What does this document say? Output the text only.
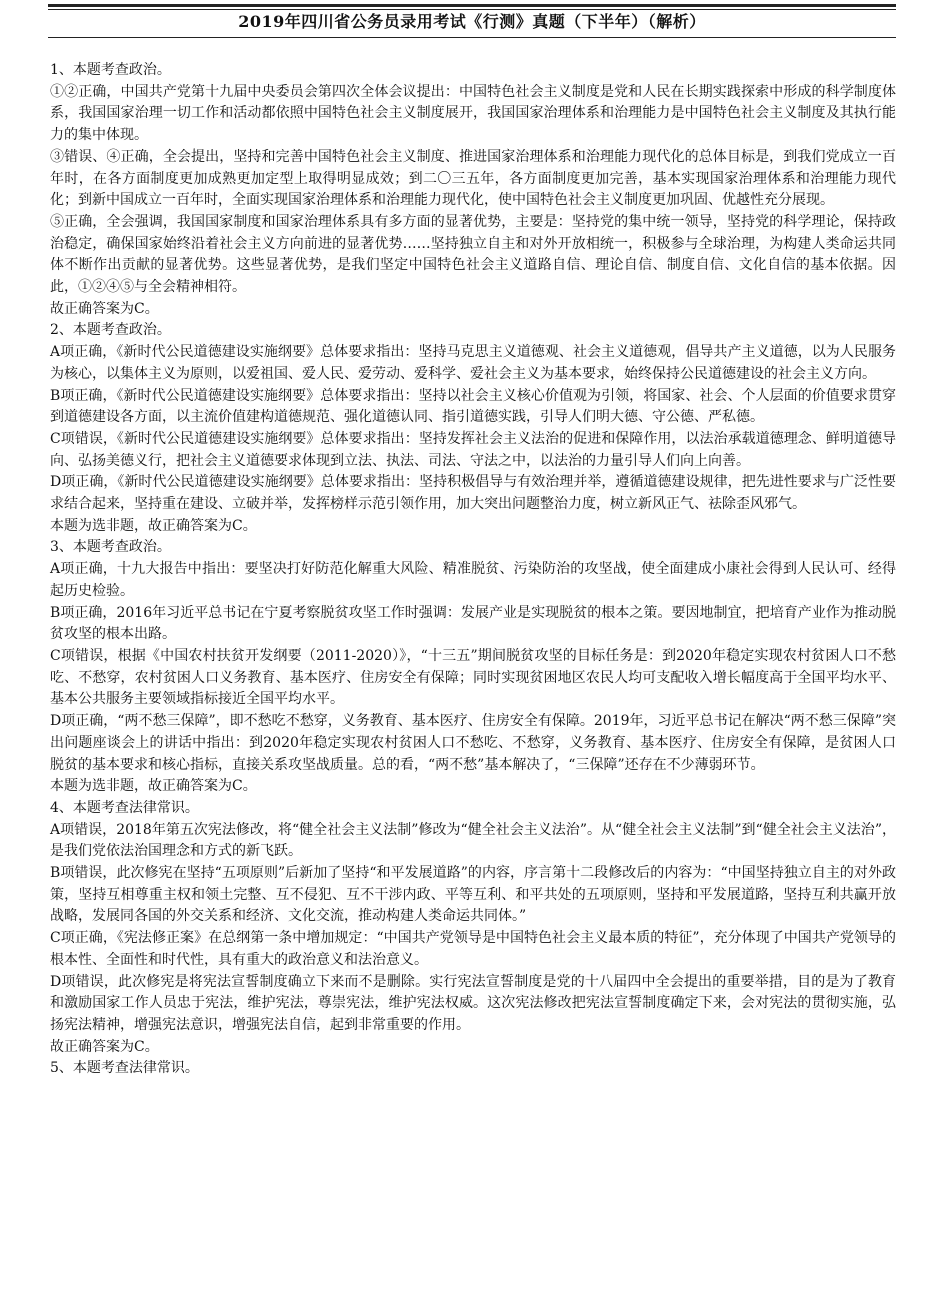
2019年四川省公务员录用考试《行测》真题（下半年）（解析）

1、本题考查政治。

①②正确，中国共产党第十九届中央委员会第四次全体会议提出：中国特色社会主义制度是党和人民在长期实践探索中形成的科学制度体系，我国国家治理一切工作和活动都依照中国特色社会主义制度展开，我国国家治理体系和治理能力是中国特色社会主义制度及其执行能力的集中体现。

③错误、④正确，全会提出，坚持和完善中国特色社会主义制度、推进国家治理体系和治理能力现代化的总体目标是，到我们党成立一百年时，在各方面制度更加成熟更加定型上取得明显成效；到二〇三五年，各方面制度更加完善，基本实现国家治理体系和治理能力现代化；到新中国成立一百年时，全面实现国家治理体系和治理能力现代化，使中国特色社会主义制度更加巩固、优越性充分展现。

⑤正确，全会强调，我国国家制度和国家治理体系具有多方面的显著优势，主要是：坚持党的集中统一领导，坚持党的科学理论，保持政治稳定，确保国家始终沿着社会主义方向前进的显著优势……坚持独立自主和对外开放相统一，积极参与全球治理，为构建人类命运共同体不断作出贡献的显著优势。这些显著优势，是我们坚定中国特色社会主义道路自信、理论自信、制度自信、文化自信的基本依据。因此，①②④⑤与全会精神相符。

故正确答案为C。

2、本题考查政治。

A项正确，《新时代公民道德建设实施纲要》总体要求指出：坚持马克思主义道德观、社会主义道德观，倡导共产主义道德，以为人民服务为核心，以集体主义为原则，以爱祖国、爱人民、爱劳动、爱科学、爱社会主义为基本要求，始终保持公民道德建设的社会主义方向。

B项正确，《新时代公民道德建设实施纲要》总体要求指出：坚持以社会主义核心价值观为引领，将国家、社会、个人层面的价值要求贯穿到道德建设各方面，以主流价值建构道德规范、强化道德认同、指引道德实践，引导人们明大德、守公德、严私德。

C项错误，《新时代公民道德建设实施纲要》总体要求指出：坚持发挥社会主义法治的促进和保障作用，以法治承载道德理念、鲜明道德导向、弘扬美德义行，把社会主义道德要求体现到立法、执法、司法、守法之中，以法治的力量引导人们向上向善。

D项正确，《新时代公民道德建设实施纲要》总体要求指出：坚持积极倡导与有效治理并举，遵循道德建设规律，把先进性要求与广泛性要求结合起来，坚持重在建设、立破并举，发挥榜样示范引领作用，加大突出问题整治力度，树立新风正气、祛除歪风邪气。

本题为选非题，故正确答案为C。

3、本题考查政治。

A项正确，十九大报告中指出：要坚决打好防范化解重大风险、精准脱贫、污染防治的攻坚战，使全面建成小康社会得到人民认可、经得起历史检验。

B项正确，2016年习近平总书记在宁夏考察脱贫攻坚工作时强调：发展产业是实现脱贫的根本之策。要因地制宜，把培育产业作为推动脱贫攻坚的根本出路。

C项错误，根据《中国农村扶贫开发纲要（2011-2020）》，“十三五”期间脱贫攻坚的目标任务是：到2020年稳定实现农村贫困人口不愁吃、不愁穿，农村贫困人口义务教育、基本医疗、住房安全有保障；同时实现贫困地区农民人均可支配收入增长幅度高于全国平均水平、基本公共服务主要领域指标接近全国平均水平。

D项正确，“两不愁三保障”，即不愁吃不愁穿，义务教育、基本医疗、住房安全有保障。2019年，习近平总书记在解决“两不愁三保障”突出问题座谈会上的讲话中指出：到2020年稳定实现农村贫困人口不愁吃、不愁穿，义务教育、基本医疗、住房安全有保障，是贫困人口脱贫的基本要求和核心指标，直接关系攻坚战质量。总的看，“两不愁”基本解决了，“三保障”还存在不少薄弱环节。

本题为选非题，故正确答案为C。

4、本题考查法律常识。

A项错误，2018年第五次宪法修改，将“健全社会主义法制”修改为“健全社会主义法治”。从“健全社会主义法制”到“健全社会主义法治”，是我们党依法治国理念和方式的新飞跃。

B项错误，此次修宪在坚持“五项原则”后新加了坚持“和平发展道路”的内容，序言第十二段修改后的内容为：“中国坚持独立自主的对外政策，坚持互相尊重主权和领土完整、互不侵犯、互不干涉内政、平等互利、和平共处的五项原则，坚持和平发展道路，坚持互利共赢开放战略，发展同各国的外交关系和经济、文化交流，推动构建人类命运共同体。”

C项正确，《宪法修正案》在总纲第一条中增加规定：“中国共产党领导是中国特色社会主义最本质的特征”，充分体现了中国共产党领导的根本性、全面性和时代性，具有重大的政治意义和法治意义。

D项错误，此次修宪是将宪法宣誓制度确立下来而不是删除。实行宪法宣誓制度是党的十八届四中全会提出的重要举措，目的是为了教育和激励国家工作人员忠于宪法，维护宪法，尊崇宪法，维护宪法权威。这次宪法修改把宪法宣誓制度确定下来，会对宪法的贯彻实施，弘扬宪法精神，增强宪法意识，增强宪法自信，起到非常重要的作用。

故正确答案为C。

5、本题考查法律常识。
